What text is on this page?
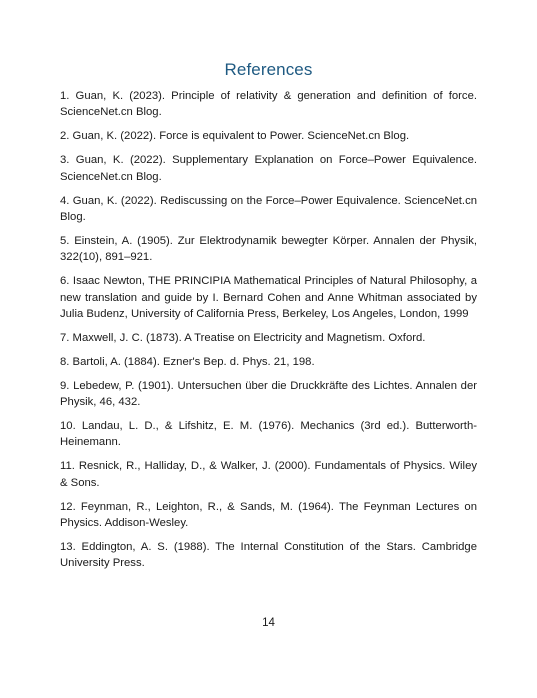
References
1. Guan, K. (2023). Principle of relativity & generation and definition of force. ScienceNet.cn Blog.
2. Guan, K. (2022). Force is equivalent to Power. ScienceNet.cn Blog.
3. Guan, K. (2022). Supplementary Explanation on Force–Power Equivalence. ScienceNet.cn Blog.
4. Guan, K. (2022). Rediscussing on the Force–Power Equivalence. ScienceNet.cn Blog.
5. Einstein, A. (1905). Zur Elektrodynamik bewegter Körper. Annalen der Physik, 322(10), 891–921.
6. Isaac Newton, THE PRINCIPIA Mathematical Principles of Natural Philosophy, a new translation and guide by I. Bernard Cohen and Anne Whitman associated by Julia Budenz, University of California Press, Berkeley, Los Angeles, London, 1999
7. Maxwell, J. C. (1873). A Treatise on Electricity and Magnetism. Oxford.
8. Bartoli, A. (1884). Ezner's Bep. d. Phys. 21, 198.
9. Lebedew, P. (1901). Untersuchen über die Druckkräfte des Lichtes. Annalen der Physik, 46, 432.
10. Landau, L. D., & Lifshitz, E. M. (1976). Mechanics (3rd ed.). Butterworth-Heinemann.
11. Resnick, R., Halliday, D., & Walker, J. (2000). Fundamentals of Physics. Wiley & Sons.
12. Feynman, R., Leighton, R., & Sands, M. (1964). The Feynman Lectures on Physics. Addison-Wesley.
13. Eddington, A. S. (1988). The Internal Constitution of the Stars. Cambridge University Press.
14
